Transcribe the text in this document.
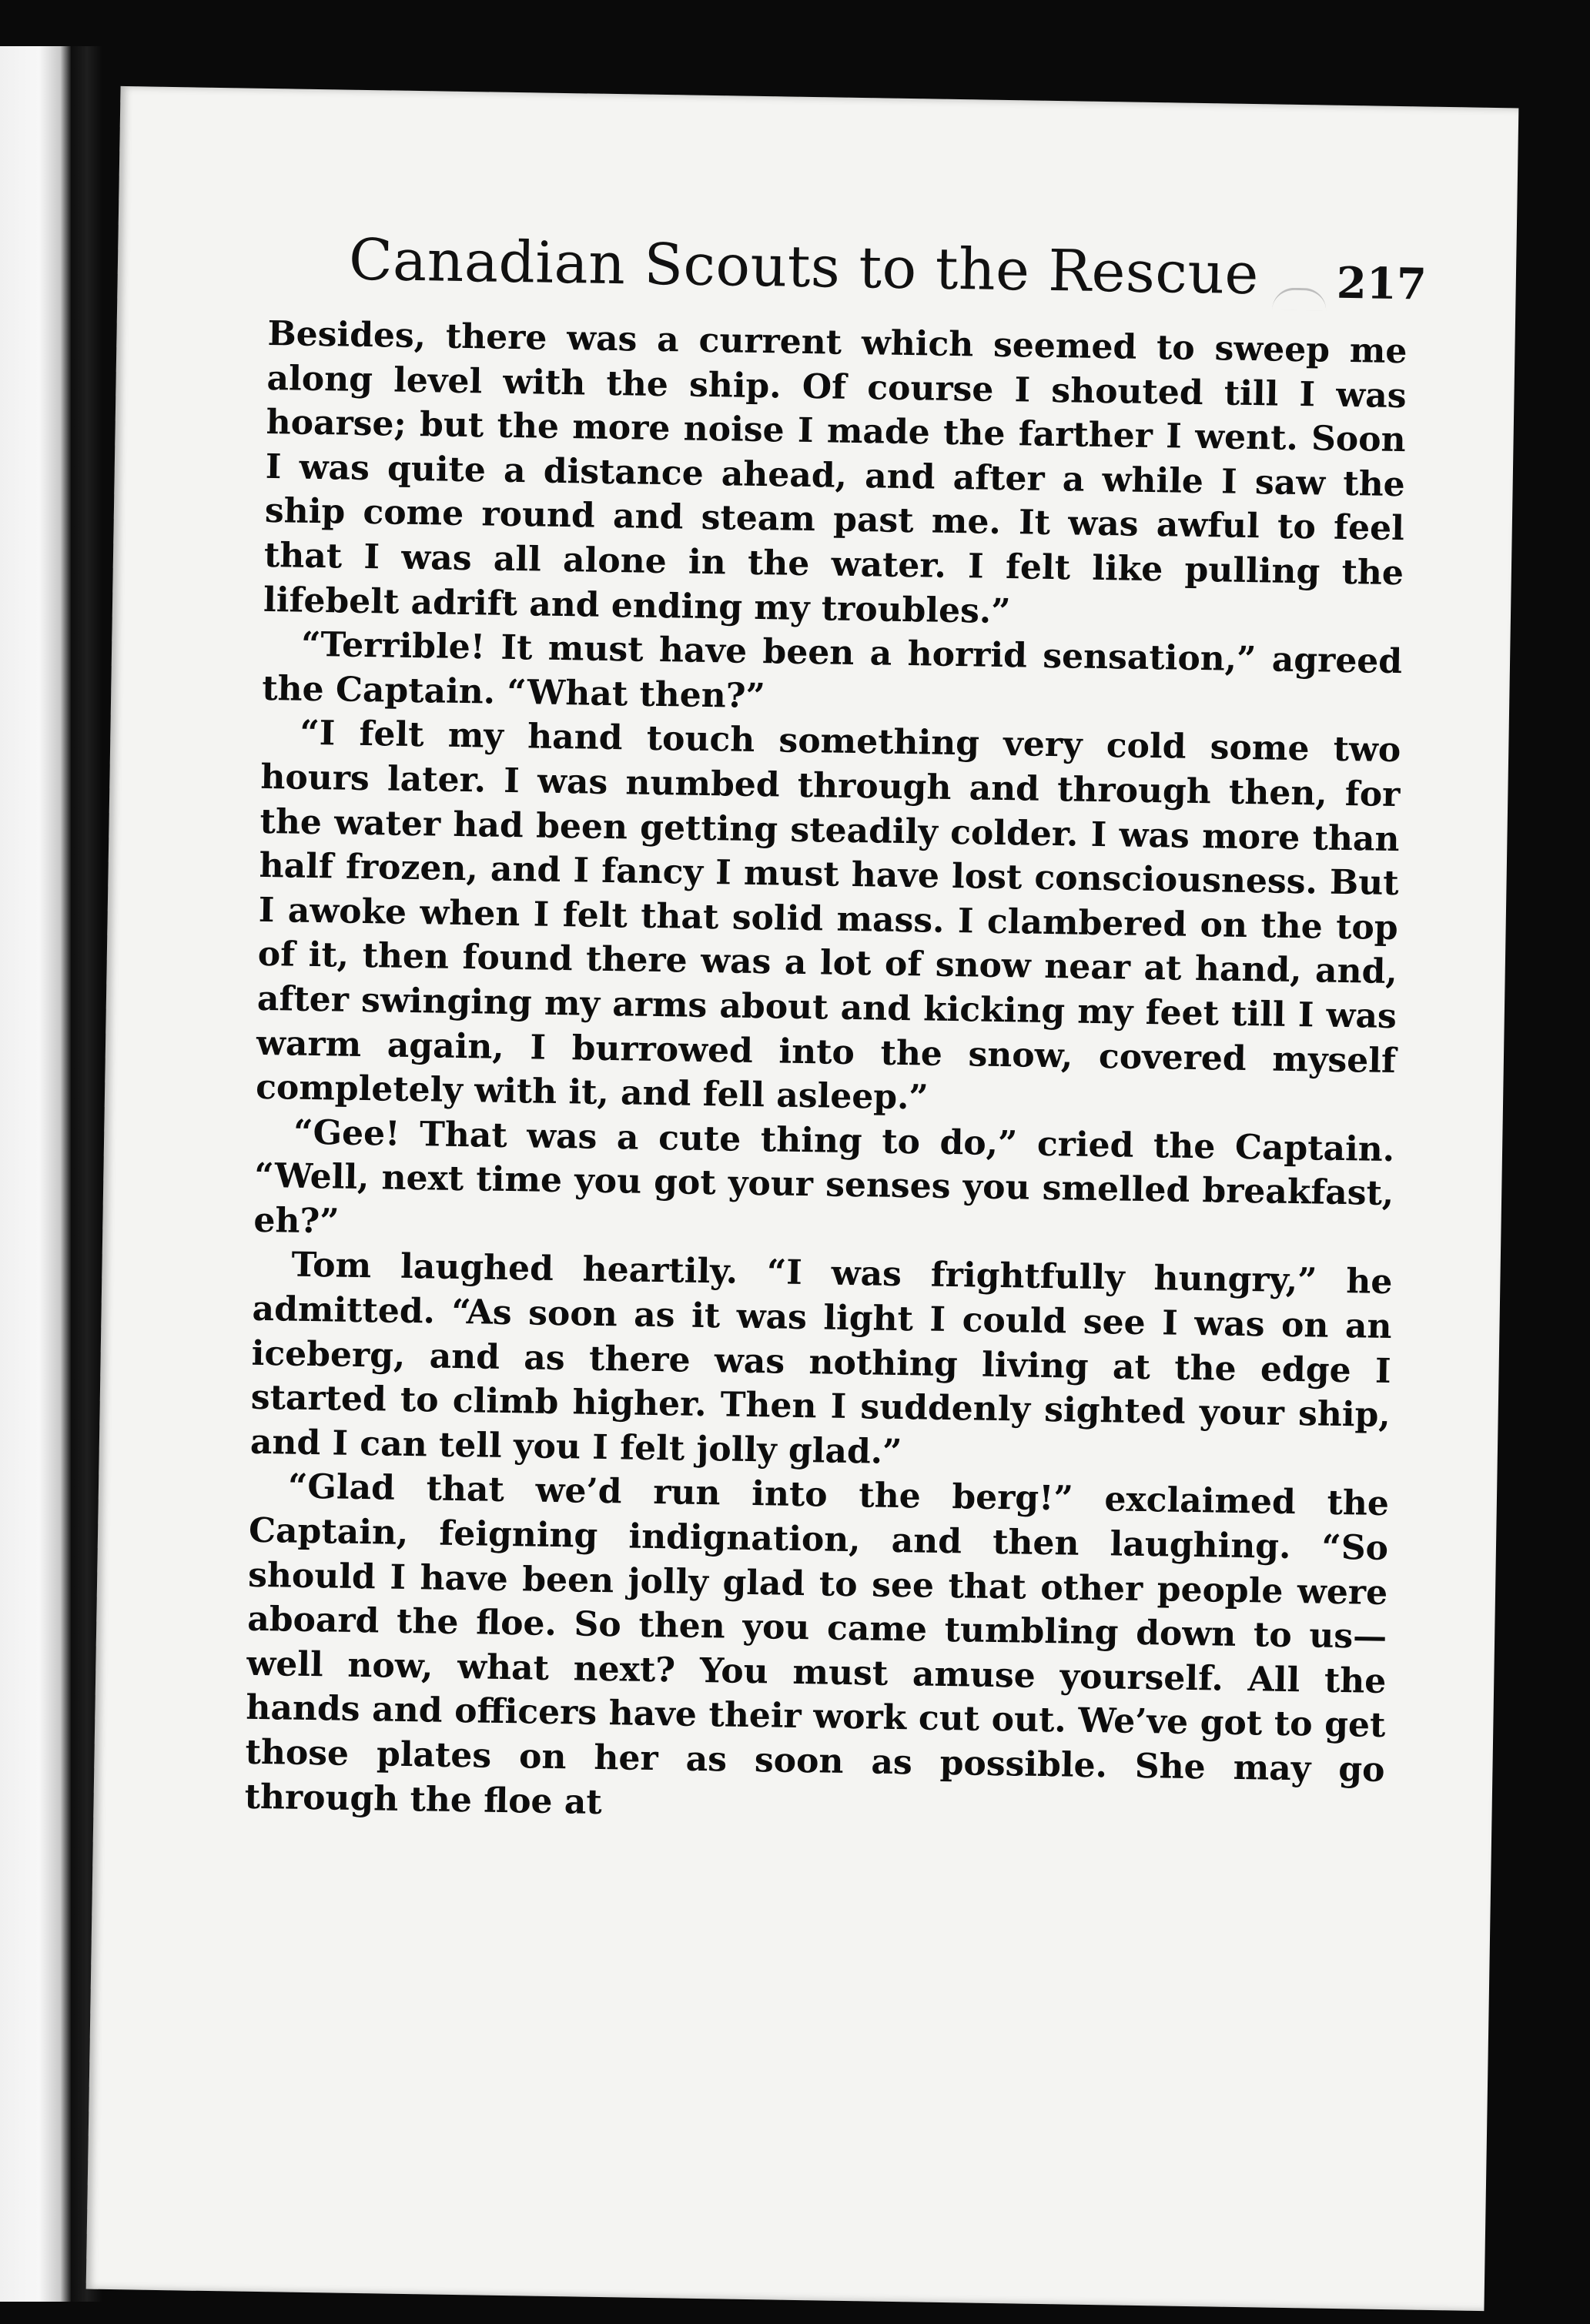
Canadian Scouts to the Rescue 217

Besides, there was a current which seemed to sweep me along level with the ship. Of course I shouted till I was hoarse; but the more noise I made the farther I went. Soon I was quite a distance ahead, and after a while I saw the ship come round and steam past me. It was awful to feel that I was all alone in the water. I felt like pulling the lifebelt adrift and ending my troubles.”

“Terrible! It must have been a horrid sensation,” agreed the Captain. “What then?”

“I felt my hand touch something very cold some two hours later. I was numbed through and through then, for the water had been getting steadily colder. I was more than half frozen, and I fancy I must have lost consciousness. But I awoke when I felt that solid mass. I clambered on the top of it, then found there was a lot of snow near at hand, and, after swinging my arms about and kicking my feet till I was warm again, I burrowed into the snow, covered myself completely with it, and fell asleep.”

“Gee! That was a cute thing to do,” cried the Captain. “Well, next time you got your senses you smelled breakfast, eh?”

Tom laughed heartily. “I was frightfully hungry,” he admitted. “As soon as it was light I could see I was on an iceberg, and as there was nothing living at the edge I started to climb higher. Then I suddenly sighted your ship, and I can tell you I felt jolly glad.”

“Glad that we’d run into the berg!” exclaimed the Captain, feigning indignation, and then laughing. “So should I have been jolly glad to see that other people were aboard the floe. So then you came tumbling down to us—well now, what next? You must amuse yourself. All the hands and officers have their work cut out. We’ve got to get those plates on her as soon as possible. She may go through the floe at
